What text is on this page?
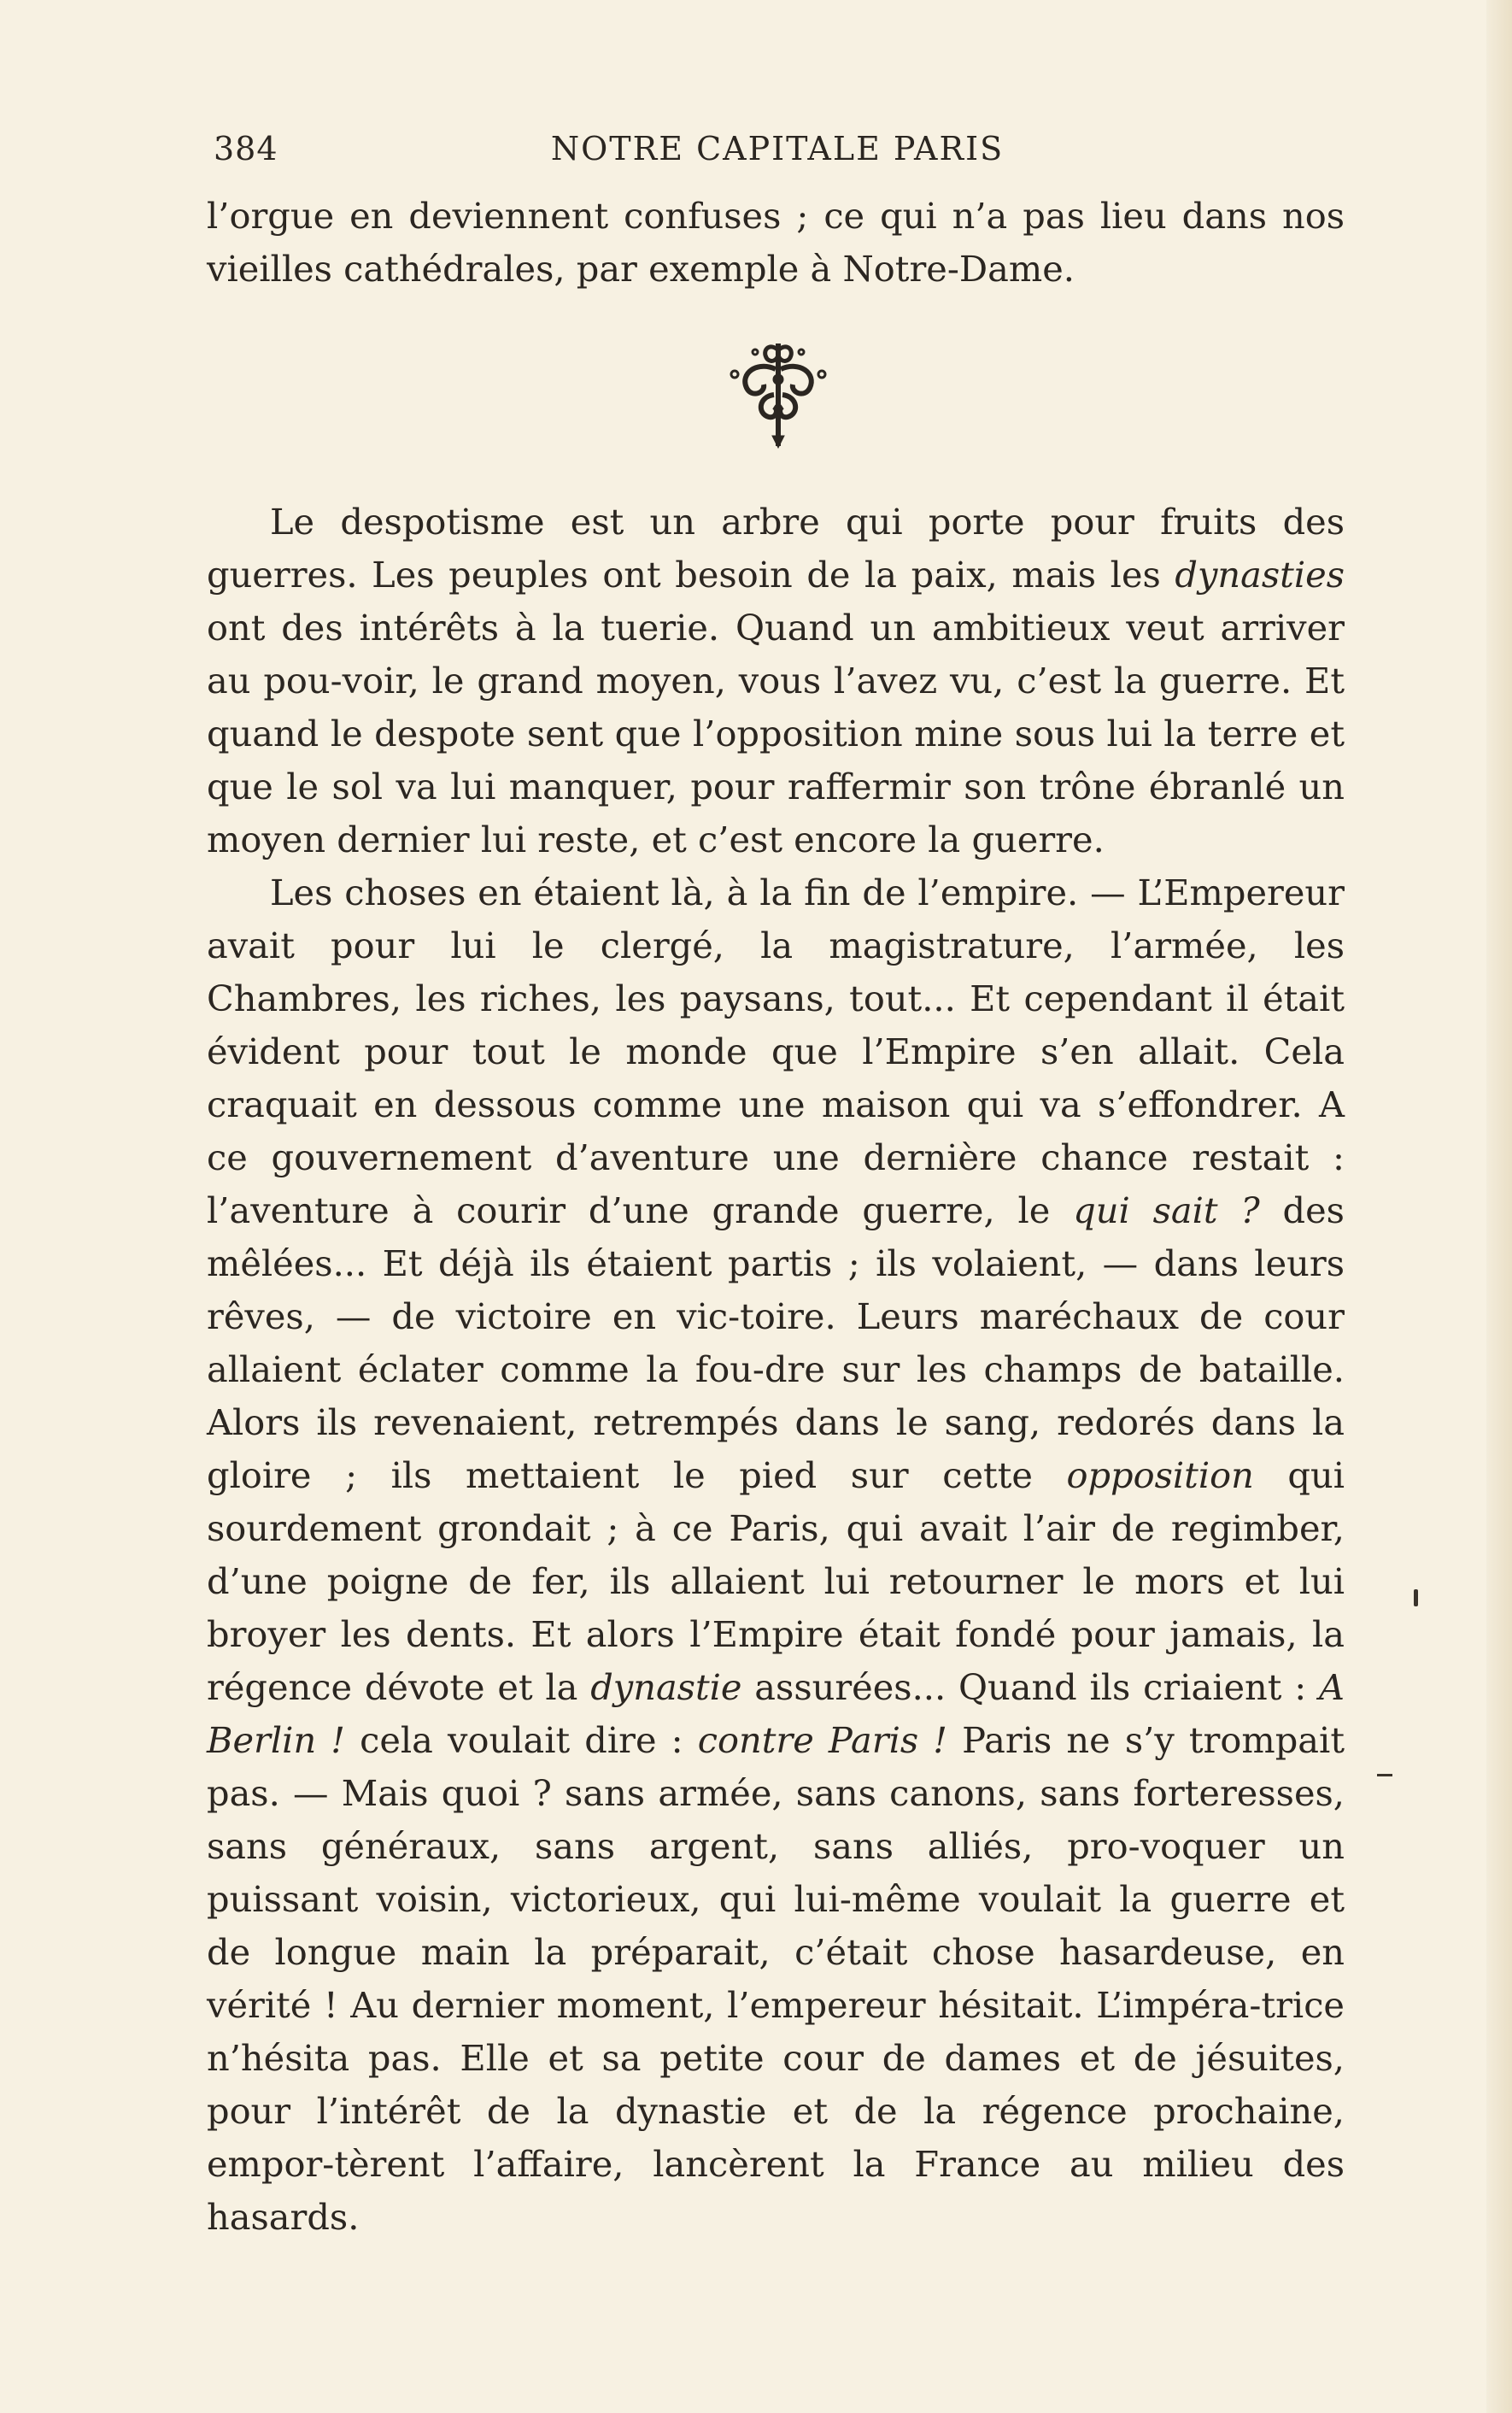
384	NOTRE CAPITALE PARIS

l’orgue en deviennent confuses ; ce qui n’a pas lieu dans nos vieilles cathédrales, par exemple à Notre-Dame.

Le despotisme est un arbre qui porte pour fruits des guerres. Les peuples ont besoin de la paix, mais les dynasties ont des intérêts à la tuerie. Quand un ambitieux veut arriver au pou-voir, le grand moyen, vous l’avez vu, c’est la guerre. Et quand le despote sent que l’opposition mine sous lui la terre et que le sol va lui manquer, pour raffermir son trône ébranlé un moyen dernier lui reste, et c’est encore la guerre.

Les choses en étaient là, à la fin de l’empire. — L’Empereur avait pour lui le clergé, la magistrature, l’armée, les Chambres, les riches, les paysans, tout... Et cependant il était évident pour tout le monde que l’Empire s’en allait. Cela craquait en dessous comme une maison qui va s’effondrer. A ce gouvernement d’aventure une dernière chance restait : l’aventure à courir d’une grande guerre, le qui sait ? des mêlées... Et déjà ils étaient partis ; ils volaient, — dans leurs rêves, — de victoire en vic-toire. Leurs maréchaux de cour allaient éclater comme la fou-dre sur les champs de bataille. Alors ils revenaient, retrempés dans le sang, redorés dans la gloire ; ils mettaient le pied sur cette opposition qui sourdement grondait ; à ce Paris, qui avait l’air de regimber, d’une poigne de fer, ils allaient lui retourner le mors et lui broyer les dents. Et alors l’Empire était fondé pour jamais, la régence dévote et la dynastie assurées... Quand ils criaient : A Berlin ! cela voulait dire : contre Paris ! Paris ne s’y trompait pas. — Mais quoi ? sans armée, sans canons, sans forteresses, sans généraux, sans argent, sans alliés, pro-voquer un puissant voisin, victorieux, qui lui-même voulait la guerre et de longue main la préparait, c’était chose hasardeuse, en vérité ! Au dernier moment, l’empereur hésitait. L’impéra-trice n’hésita pas. Elle et sa petite cour de dames et de jésuites, pour l’intérêt de la dynastie et de la régence prochaine, empor-tèrent l’affaire, lancèrent la France au milieu des hasards.
